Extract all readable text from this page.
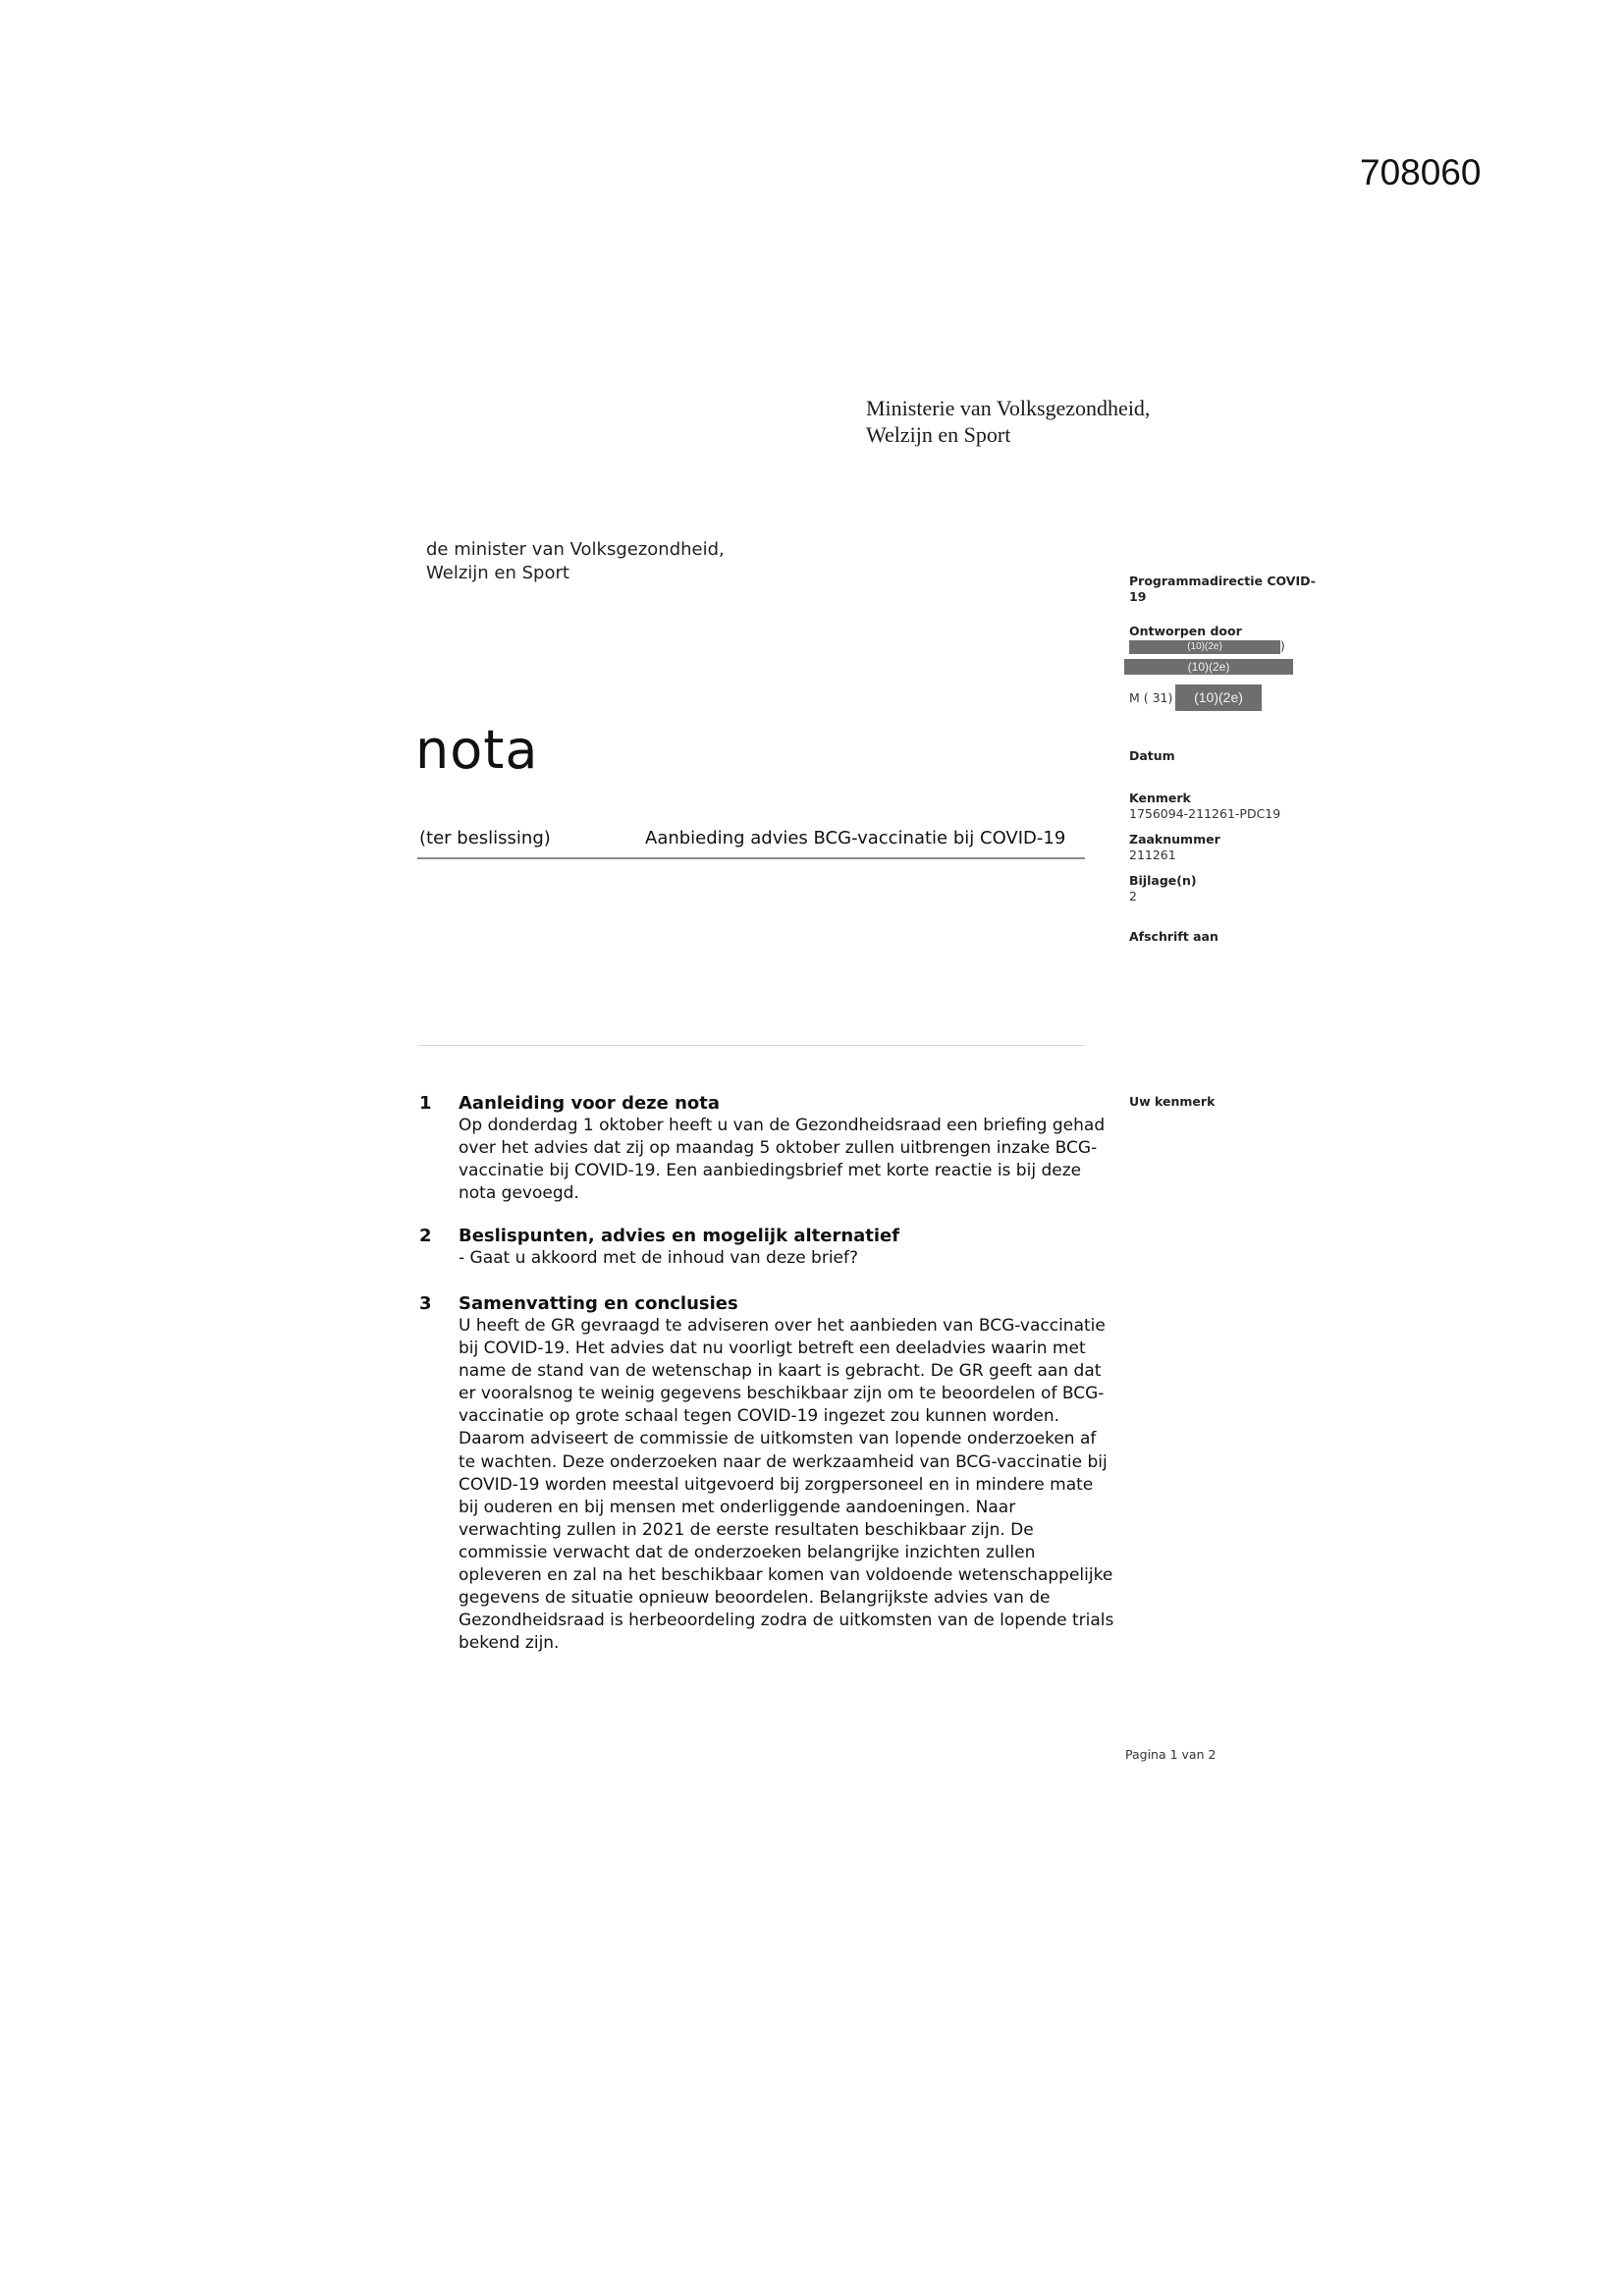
708060
Ministerie van Volksgezondheid,
Welzijn en Sport
de minister van Volksgezondheid,
Welzijn en Sport
nota
(ter beslissing)	Aanbieding advies BCG-vaccinatie bij COVID-19
Programmadirectie COVID-
19
Ontworpen door
(10)(2e)	)
(10)(2e)
M ( 31)	(10)(2e)
Datum
Kenmerk
1756094-211261-PDC19
Zaaknummer
211261
Bijlage(n)
2
Afschrift aan
Uw kenmerk
1 Aanleiding voor deze nota
Op donderdag 1 oktober heeft u van de Gezondheidsraad een briefing gehad
over het advies dat zij op maandag 5 oktober zullen uitbrengen inzake BCG-
vaccinatie bij COVID-19. Een aanbiedingsbrief met korte reactie is bij deze
nota gevoegd.
2 Beslispunten, advies en mogelijk alternatief
- Gaat u akkoord met de inhoud van deze brief?
3 Samenvatting en conclusies
U heeft de GR gevraagd te adviseren over het aanbieden van BCG-vaccinatie
bij COVID-19. Het advies dat nu voorligt betreft een deeladvies waarin met
name de stand van de wetenschap in kaart is gebracht. De GR geeft aan dat
er vooralsnog te weinig gegevens beschikbaar zijn om te beoordelen of BCG-
vaccinatie op grote schaal tegen COVID-19 ingezet zou kunnen worden.
Daarom adviseert de commissie de uitkomsten van lopende onderzoeken af
te wachten. Deze onderzoeken naar de werkzaamheid van BCG-vaccinatie bij
COVID-19 worden meestal uitgevoerd bij zorgpersoneel en in mindere mate
bij ouderen en bij mensen met onderliggende aandoeningen. Naar
verwachting zullen in 2021 de eerste resultaten beschikbaar zijn. De
commissie verwacht dat de onderzoeken belangrijke inzichten zullen
opleveren en zal na het beschikbaar komen van voldoende wetenschappelijke
gegevens de situatie opnieuw beoordelen. Belangrijkste advies van de
Gezondheidsraad is herbeoordeling zodra de uitkomsten van de lopende trials
bekend zijn.
Pagina 1 van 2
